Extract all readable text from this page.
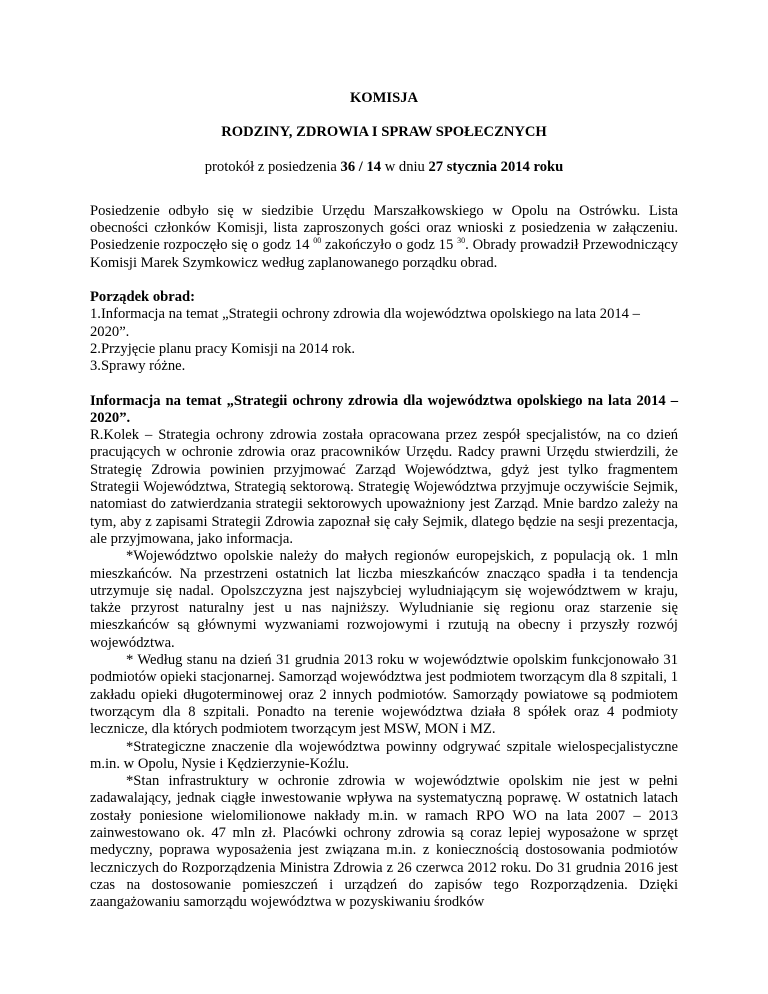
KOMISJA
RODZINY, ZDROWIA I SPRAW SPOŁECZNYCH
protokół z posiedzenia 36 / 14 w dniu 27 stycznia 2014 roku
Posiedzenie odbyło się w siedzibie Urzędu Marszałkowskiego w Opolu na Ostrówku. Lista obecności członków Komisji, lista zaproszonych gości oraz wnioski z posiedzenia w załączeniu. Posiedzenie rozpoczęło się o godz 14 $^{00}$ zakończyło o godz 15 $^{30}$. Obrady prowadził Przewodniczący Komisji Marek Szymkowicz według zaplanowanego porządku obrad.
Porządek obrad:
1.Informacja na temat „Strategii ochrony zdrowia dla województwa opolskiego na lata 2014 – 2020”.
2.Przyjęcie planu pracy Komisji na 2014 rok.
3.Sprawy różne.
Informacja na temat „Strategii ochrony zdrowia dla województwa opolskiego na lata 2014 – 2020”.
R.Kolek – Strategia ochrony zdrowia została opracowana przez zespół specjalistów, na co dzień pracujących w ochronie zdrowia oraz pracowników Urzędu. Radcy prawni Urzędu stwierdzili, że Strategię Zdrowia powinien przyjmować Zarząd Województwa, gdyż jest tylko fragmentem Strategii Województwa, Strategią sektorową. Strategię Województwa przyjmuje oczywiście Sejmik, natomiast do zatwierdzania strategii sektorowych upoważniony jest Zarząd. Mnie bardzo zależy na tym, aby z zapisami Strategii Zdrowia zapoznał się cały Sejmik, dlatego będzie na sesji prezentacja, ale przyjmowana, jako informacja.
*Województwo opolskie należy do małych regionów europejskich, z populacją ok. 1 mln mieszkańców. Na przestrzeni ostatnich lat liczba mieszkańców znacząco spadła i ta tendencja utrzymuje się nadal. Opolszczyzna jest najszybciej wyludniającym się województwem w kraju, także przyrost naturalny jest u nas najniższy. Wyludnianie się regionu oraz starzenie się mieszkańców są głównymi wyzwaniami rozwojowymi i rzutują na obecny i przyszły rozwój województwa.
* Według stanu na dzień 31 grudnia 2013 roku w województwie opolskim funkcjonowało 31 podmiotów opieki stacjonarnej. Samorząd województwa jest podmiotem tworzącym dla 8 szpitali, 1 zakładu opieki długoterminowej oraz 2 innych podmiotów. Samorządy powiatowe są podmiotem tworzącym dla 8 szpitali. Ponadto na terenie województwa działa 8 spółek oraz 4 podmioty lecznicze, dla których podmiotem tworzącym jest MSW, MON i MZ.
*Strategiczne znaczenie dla województwa powinny odgrywać szpitale wielospecjalistyczne m.in. w Opolu, Nysie i Kędzierzynie-Koźlu.
*Stan infrastruktury w ochronie zdrowia w województwie opolskim nie jest w pełni zadawalający, jednak ciągłe inwestowanie wpływa na systematyczną poprawę. W ostatnich latach zostały poniesione wielomilionowe nakłady m.in. w ramach RPO WO na lata 2007 – 2013 zainwestowano ok. 47 mln zł. Placówki ochrony zdrowia są coraz lepiej wyposażone w sprzęt medyczny, poprawa wyposażenia jest związana m.in. z koniecznością dostosowania podmiotów leczniczych do Rozporządzenia Ministra Zdrowia z 26 czerwca 2012 roku. Do 31 grudnia 2016 jest czas na dostosowanie pomieszczeń i urządzeń do zapisów tego Rozporządzenia. Dzięki zaangażowaniu samorządu województwa w pozyskiwaniu środków
